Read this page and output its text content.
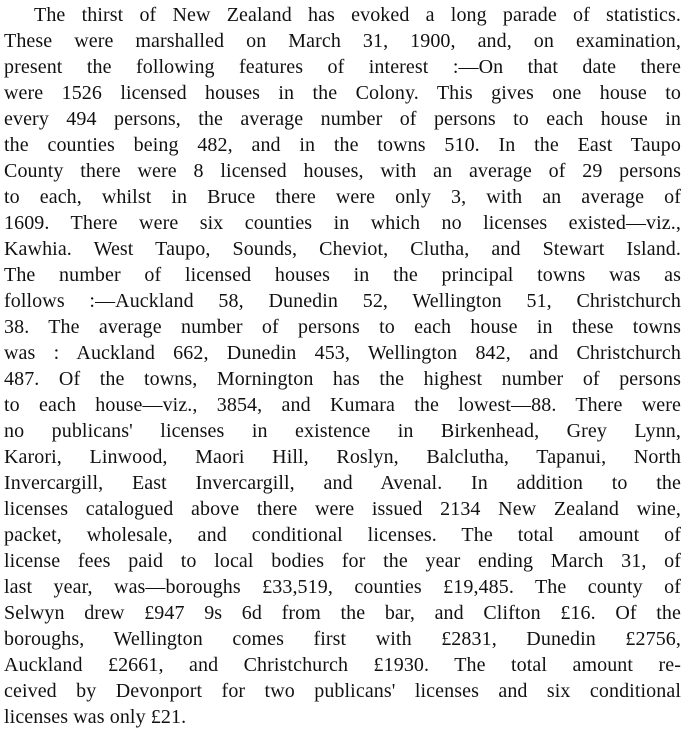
The thirst of New Zealand has evoked a long parade of statistics.
These were marshalled on March 31, 1900, and, on examination,
present the following features of interest :—On that date there
were 1526 licensed houses in the Colony. This gives one house to
every 494 persons, the average number of persons to each house in
the counties being 482, and in the towns 510. In the East Taupo
County there were 8 licensed houses, with an average of 29 persons
to each, whilst in Bruce there were only 3, with an average of
1609. There were six counties in which no licenses existed—viz.,
Kawhia. West Taupo, Sounds, Cheviot, Clutha, and Stewart Island.
The number of licensed houses in the principal towns was as
follows :—Auckland 58, Dunedin 52, Wellington 51, Christchurch
38. The average number of persons to each house in these towns
was : Auckland 662, Dunedin 453, Wellington 842, and Christchurch
487. Of the towns, Mornington has the highest number of persons
to each house—viz., 3854, and Kumara the lowest—88. There were
no publicans' licenses in existence in Birkenhead, Grey Lynn,
Karori, Linwood, Maori Hill, Roslyn, Balclutha, Tapanui, North
Invercargill, East Invercargill, and Avenal. In addition to the
licenses catalogued above there were issued 2134 New Zealand wine,
packet, wholesale, and conditional licenses. The total amount of
license fees paid to local bodies for the year ending March 31, of
last year, was—boroughs £33,519, counties £19,485. The county of
Selwyn drew £947 9s 6d from the bar, and Clifton £16. Of the
boroughs, Wellington comes first with £2831, Dunedin £2756,
Auckland £2661, and Christchurch £1930. The total amount re-
ceived by Devonport for two publicans' licenses and six conditional
licenses was only £21.
